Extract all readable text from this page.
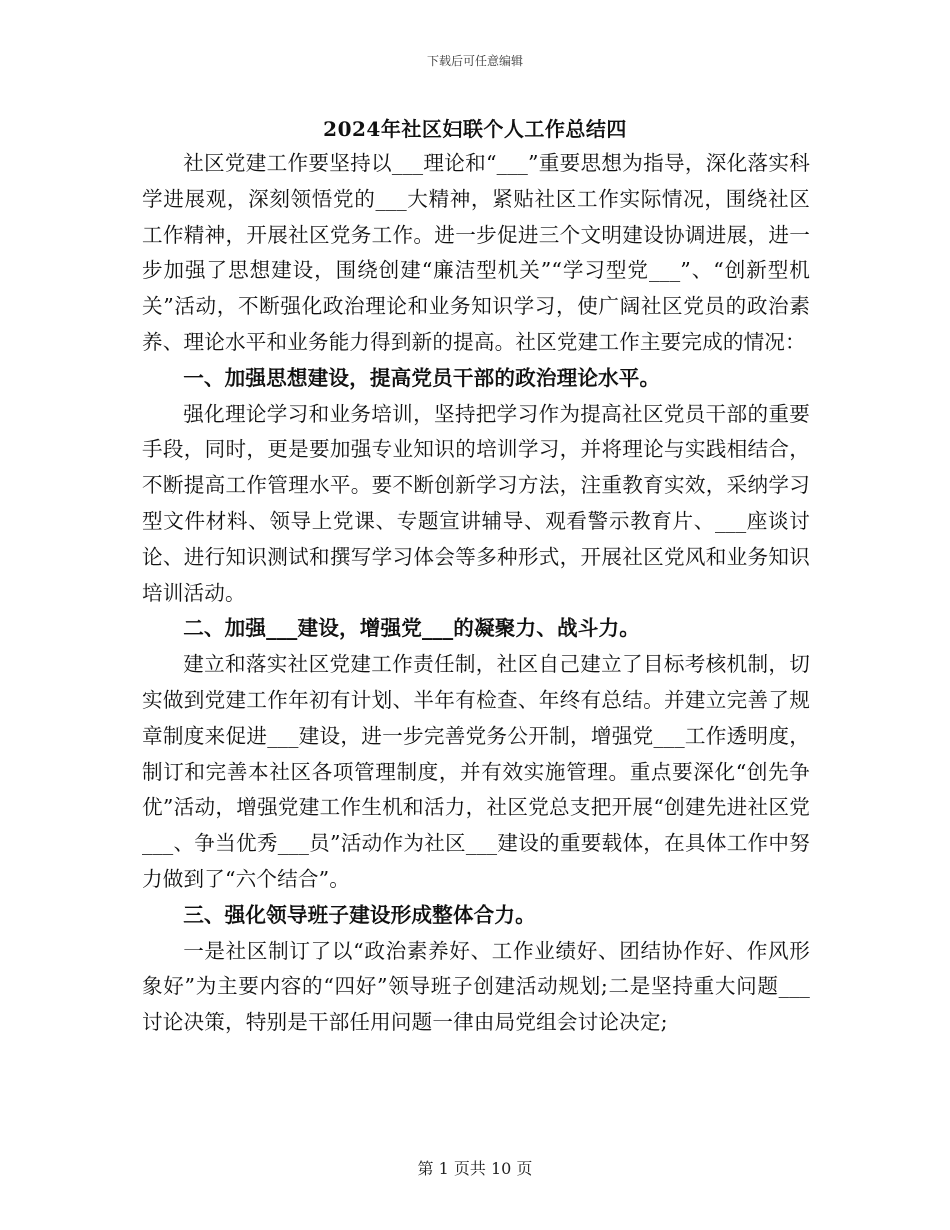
下载后可任意编辑
2024年社区妇联个人工作总结四

社区党建工作要坚持以___理论和“___”重要思想为指导，深化落实科学进展观，深刻领悟党的___大精神，紧贴社区工作实际情况，围绕社区工作精神，开展社区党务工作。进一步促进三个文明建设协调进展，进一步加强了思想建设，围绕创建“廉洁型机关”“学习型党___”、“创新型机关”活动，不断强化政治理论和业务知识学习，使广阔社区党员的政治素养、理论水平和业务能力得到新的提高。社区党建工作主要完成的情况：

一、加强思想建设，提高党员干部的政治理论水平。

强化理论学习和业务培训，坚持把学习作为提高社区党员干部的重要手段，同时，更是要加强专业知识的培训学习，并将理论与实践相结合，不断提高工作管理水平。要不断创新学习方法，注重教育实效，采纳学习型文件材料、领导上党课、专题宣讲辅导、观看警示教育片、___座谈讨论、进行知识测试和撰写学习体会等多种形式，开展社区党风和业务知识培训活动。

二、加强___建设，增强党___的凝聚力、战斗力。

建立和落实社区党建工作责任制，社区自己建立了目标考核机制，切实做到党建工作年初有计划、半年有检查、年终有总结。并建立完善了规章制度来促进___建设，进一步完善党务公开制，增强党___工作透明度，制订和完善本社区各项管理制度，并有效实施管理。重点要深化“创先争优”活动，增强党建工作生机和活力，社区党总支把开展“创建先进社区党___、争当优秀___员”活动作为社区___建设的重要载体，在具体工作中努力做到了“六个结合”。

三、强化领导班子建设形成整体合力。

一是社区制订了以“政治素养好、工作业绩好、团结协作好、作风形象好”为主要内容的“四好”领导班子创建活动规划;二是坚持重大问题___讨论决策，特别是干部任用问题一律由局党组会讨论决定;

第 1 页共 10 页
